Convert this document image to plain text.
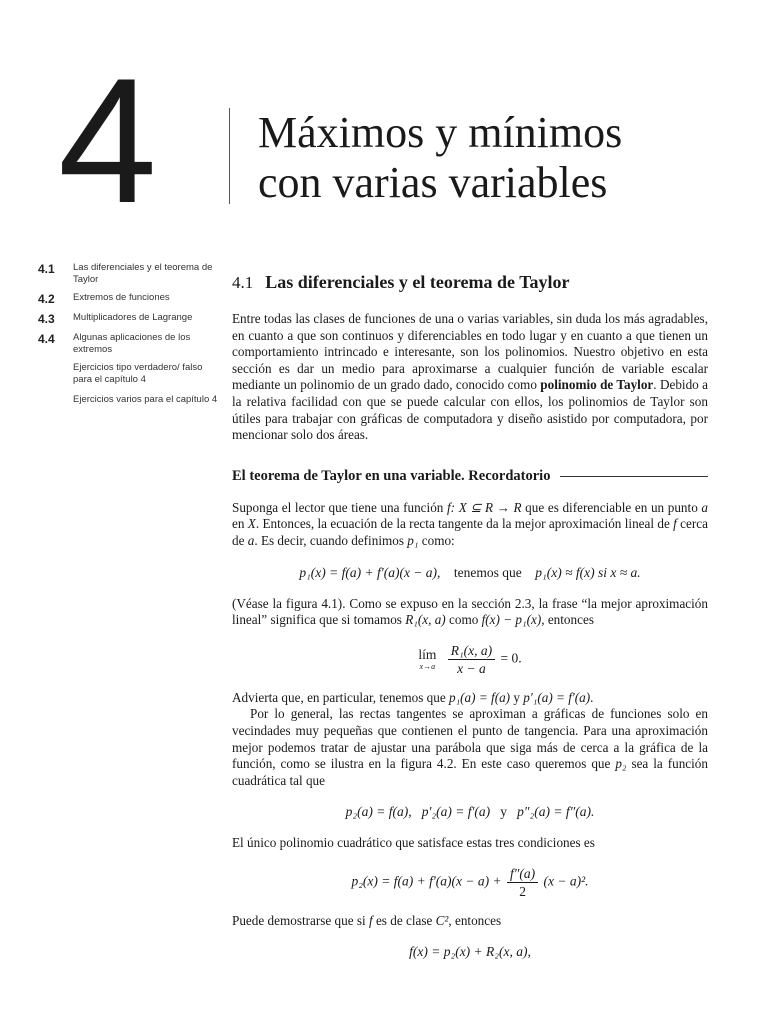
4 Máximos y mínimos
con varias variables
4.1	Las diferenciales y el teorema de Taylor
4.2	Extremos de funciones
4.3	Multiplicadores de Lagrange
4.4	Algunas aplicaciones de los extremos
Ejercicios tipo verdadero/ falso para el capítulo 4
Ejercicios varios para el capítulo 4
4.1 Las diferenciales y el teorema de Taylor

Entre todas las clases de funciones de una o varias variables, sin duda los más agradables, en cuanto a que son continuos y diferenciables en todo lugar y en cuanto a que tienen un comportamiento intrincado e interesante, son los polinomios. Nuestro objetivo en esta sección es dar un medio para aproximarse a cualquier función de variable escalar mediante un polinomio de un grado dado, conocido como polinomio de Taylor. Debido a la relativa facilidad con que se puede calcular con ellos, los polinomios de Taylor son útiles para trabajar con gráficas de computadora y diseño asistido por computadora, por mencionar solo dos áreas.

El teorema de Taylor en una variable. Recordatorio

Suponga el lector que tiene una función f: X ⊆ R → R que es diferenciable en un punto a en X. Entonces, la ecuación de la recta tangente da la mejor aproximación lineal de f cerca de a. Es decir, cuando definimos p₁ como:

p₁(x) = f(a) + f′(a)(x − a), tenemos que p₁(x) ≈ f(x) si x ≈ a.

(Véase la figura 4.1). Como se expuso en la sección 2.3, la frase “la mejor aproximación lineal” significa que si tomamos R₁(x, a) como f(x) − p₁(x), entonces

lím
x→a
$\frac{\text{R₁(x, a)}}{x - a} = 0$.

Advierta que, en particular, tenemos que p₁(a) = f(a) y p′₁(a) = f′(a).

Por lo general, las rectas tangentes se aproximan a gráficas de funciones solo en vecindades muy pequeñas que contienen el punto de tangencia. Para una aproximación mejor podemos tratar de ajustar una parábola que siga más de cerca a la gráfica de la función, como se ilustra en la figura 4.2. En este caso queremos que p₂ sea la función cuadrática tal que

p₂(a) = f(a), p′₂(a) = f′(a) y p″₂(a) = f″(a).

El único polinomio cuadrático que satisface estas tres condiciones es

$p_2(x) = f(a) + f'(a)(x - a) + \frac{f''(a)}{2} (x - a)^2$.

Puede demostrarse que si f es de clase C², entonces

f(x) = p₂(x) + R₂(x, a),
